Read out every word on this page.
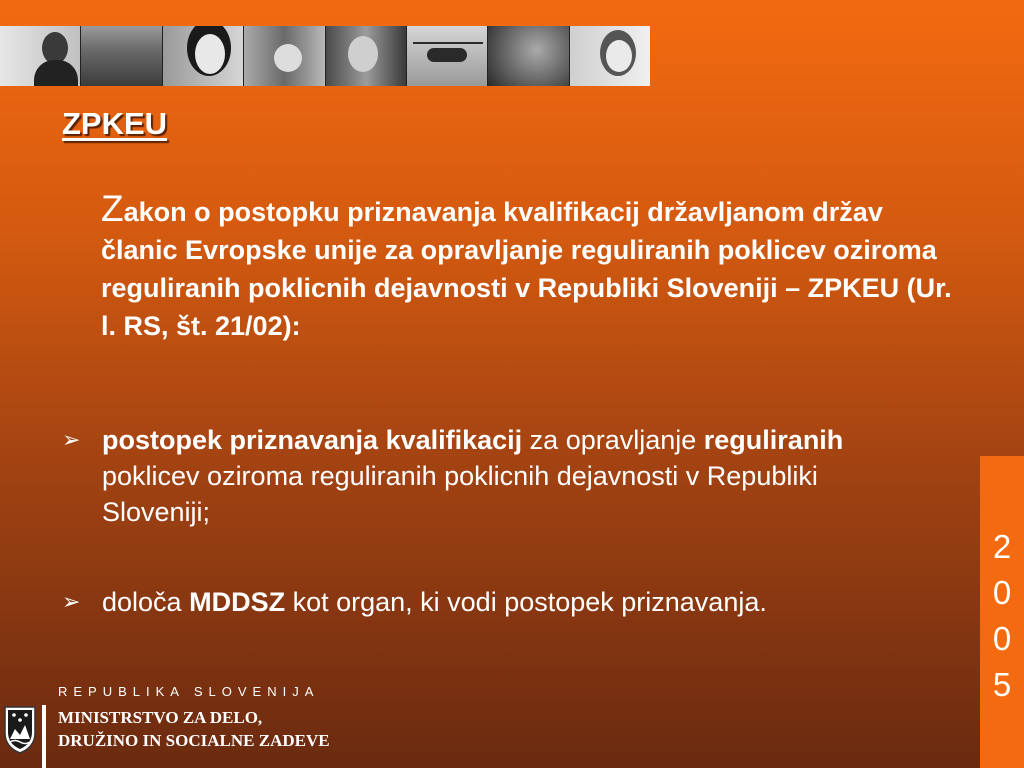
ZPKEU
Zakon o postopku priznavanja kvalifikacij državljanom držav članic Evropske unije za opravljanje reguliranih poklicev oziroma reguliranih poklicnih dejavnosti v Republiki Sloveniji – ZPKEU (Ur. l. RS, št. 21/02):
➢ postopek priznavanja kvalifikacij za opravljanje reguliranih poklicev oziroma reguliranih poklicnih dejavnosti v Republiki Sloveniji;
➢ določa MDDSZ kot organ, ki vodi postopek priznavanja.
2
0
0
5
REPUBLIKA SLOVENIJA
MINISTRSTVO ZA DELO,
DRUŽINO IN SOCIALNE ZADEVE
